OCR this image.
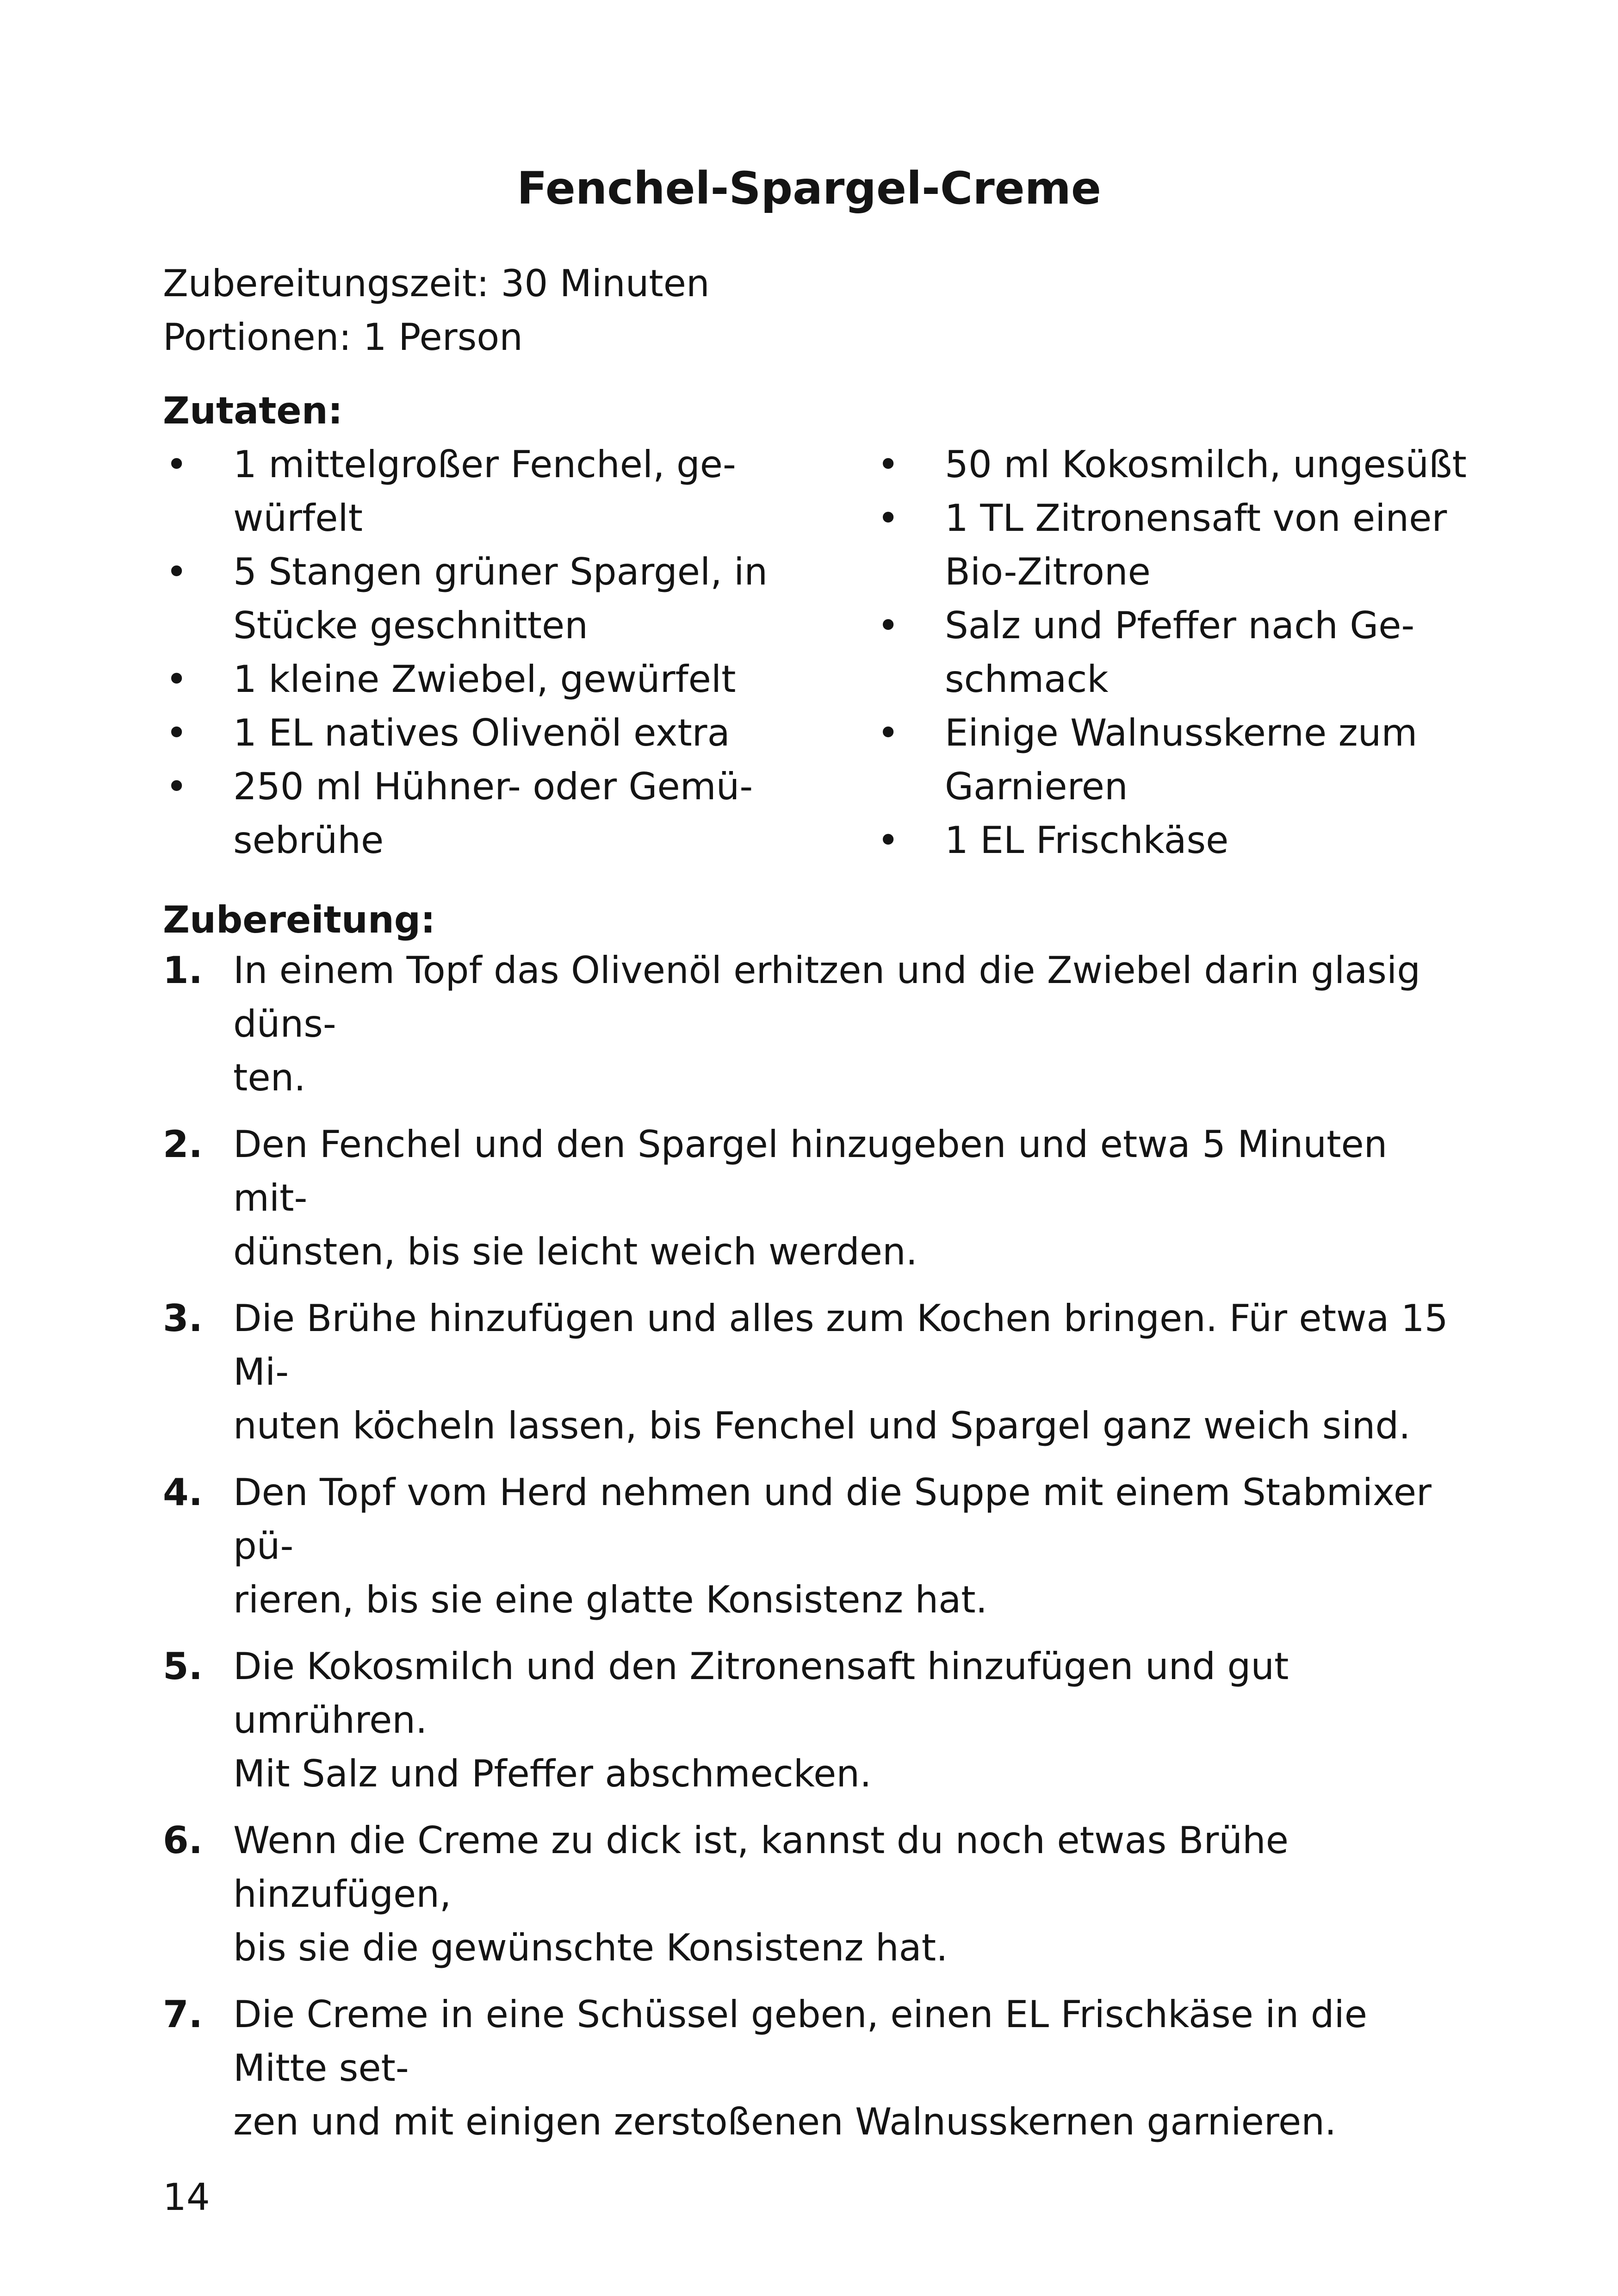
Fenchel-Spargel-Creme
Zubereitungszeit: 30 Minuten
Portionen: 1 Person
Zutaten:
• 1 mittelgroßer Fenchel, ge-
würfelt
• 5 Stangen grüner Spargel, in
Stücke geschnitten
• 1 kleine Zwiebel, gewürfelt
• 1 EL natives Olivenöl extra
• 250 ml Hühner- oder Gemü-
sebrühe
• 50 ml Kokosmilch, ungesüßt
• 1 TL Zitronensaft von einer
Bio-Zitrone
• Salz und Pfeffer nach Ge-
schmack
• Einige Walnusskerne zum
Garnieren
• 1 EL Frischkäse
Zubereitung:
1. In einem Topf das Olivenöl erhitzen und die Zwiebel darin glasig düns-
ten.
2. Den Fenchel und den Spargel hinzugeben und etwa 5 Minuten mit-
dünsten, bis sie leicht weich werden.
3. Die Brühe hinzufügen und alles zum Kochen bringen. Für etwa 15 Mi-
nuten köcheln lassen, bis Fenchel und Spargel ganz weich sind.
4. Den Topf vom Herd nehmen und die Suppe mit einem Stabmixer pü-
rieren, bis sie eine glatte Konsistenz hat.
5. Die Kokosmilch und den Zitronensaft hinzufügen und gut umrühren.
Mit Salz und Pfeffer abschmecken.
6. Wenn die Creme zu dick ist, kannst du noch etwas Brühe hinzufügen,
bis sie die gewünschte Konsistenz hat.
7. Die Creme in eine Schüssel geben, einen EL Frischkäse in die Mitte set-
zen und mit einigen zerstoßenen Walnusskernen garnieren.
14
